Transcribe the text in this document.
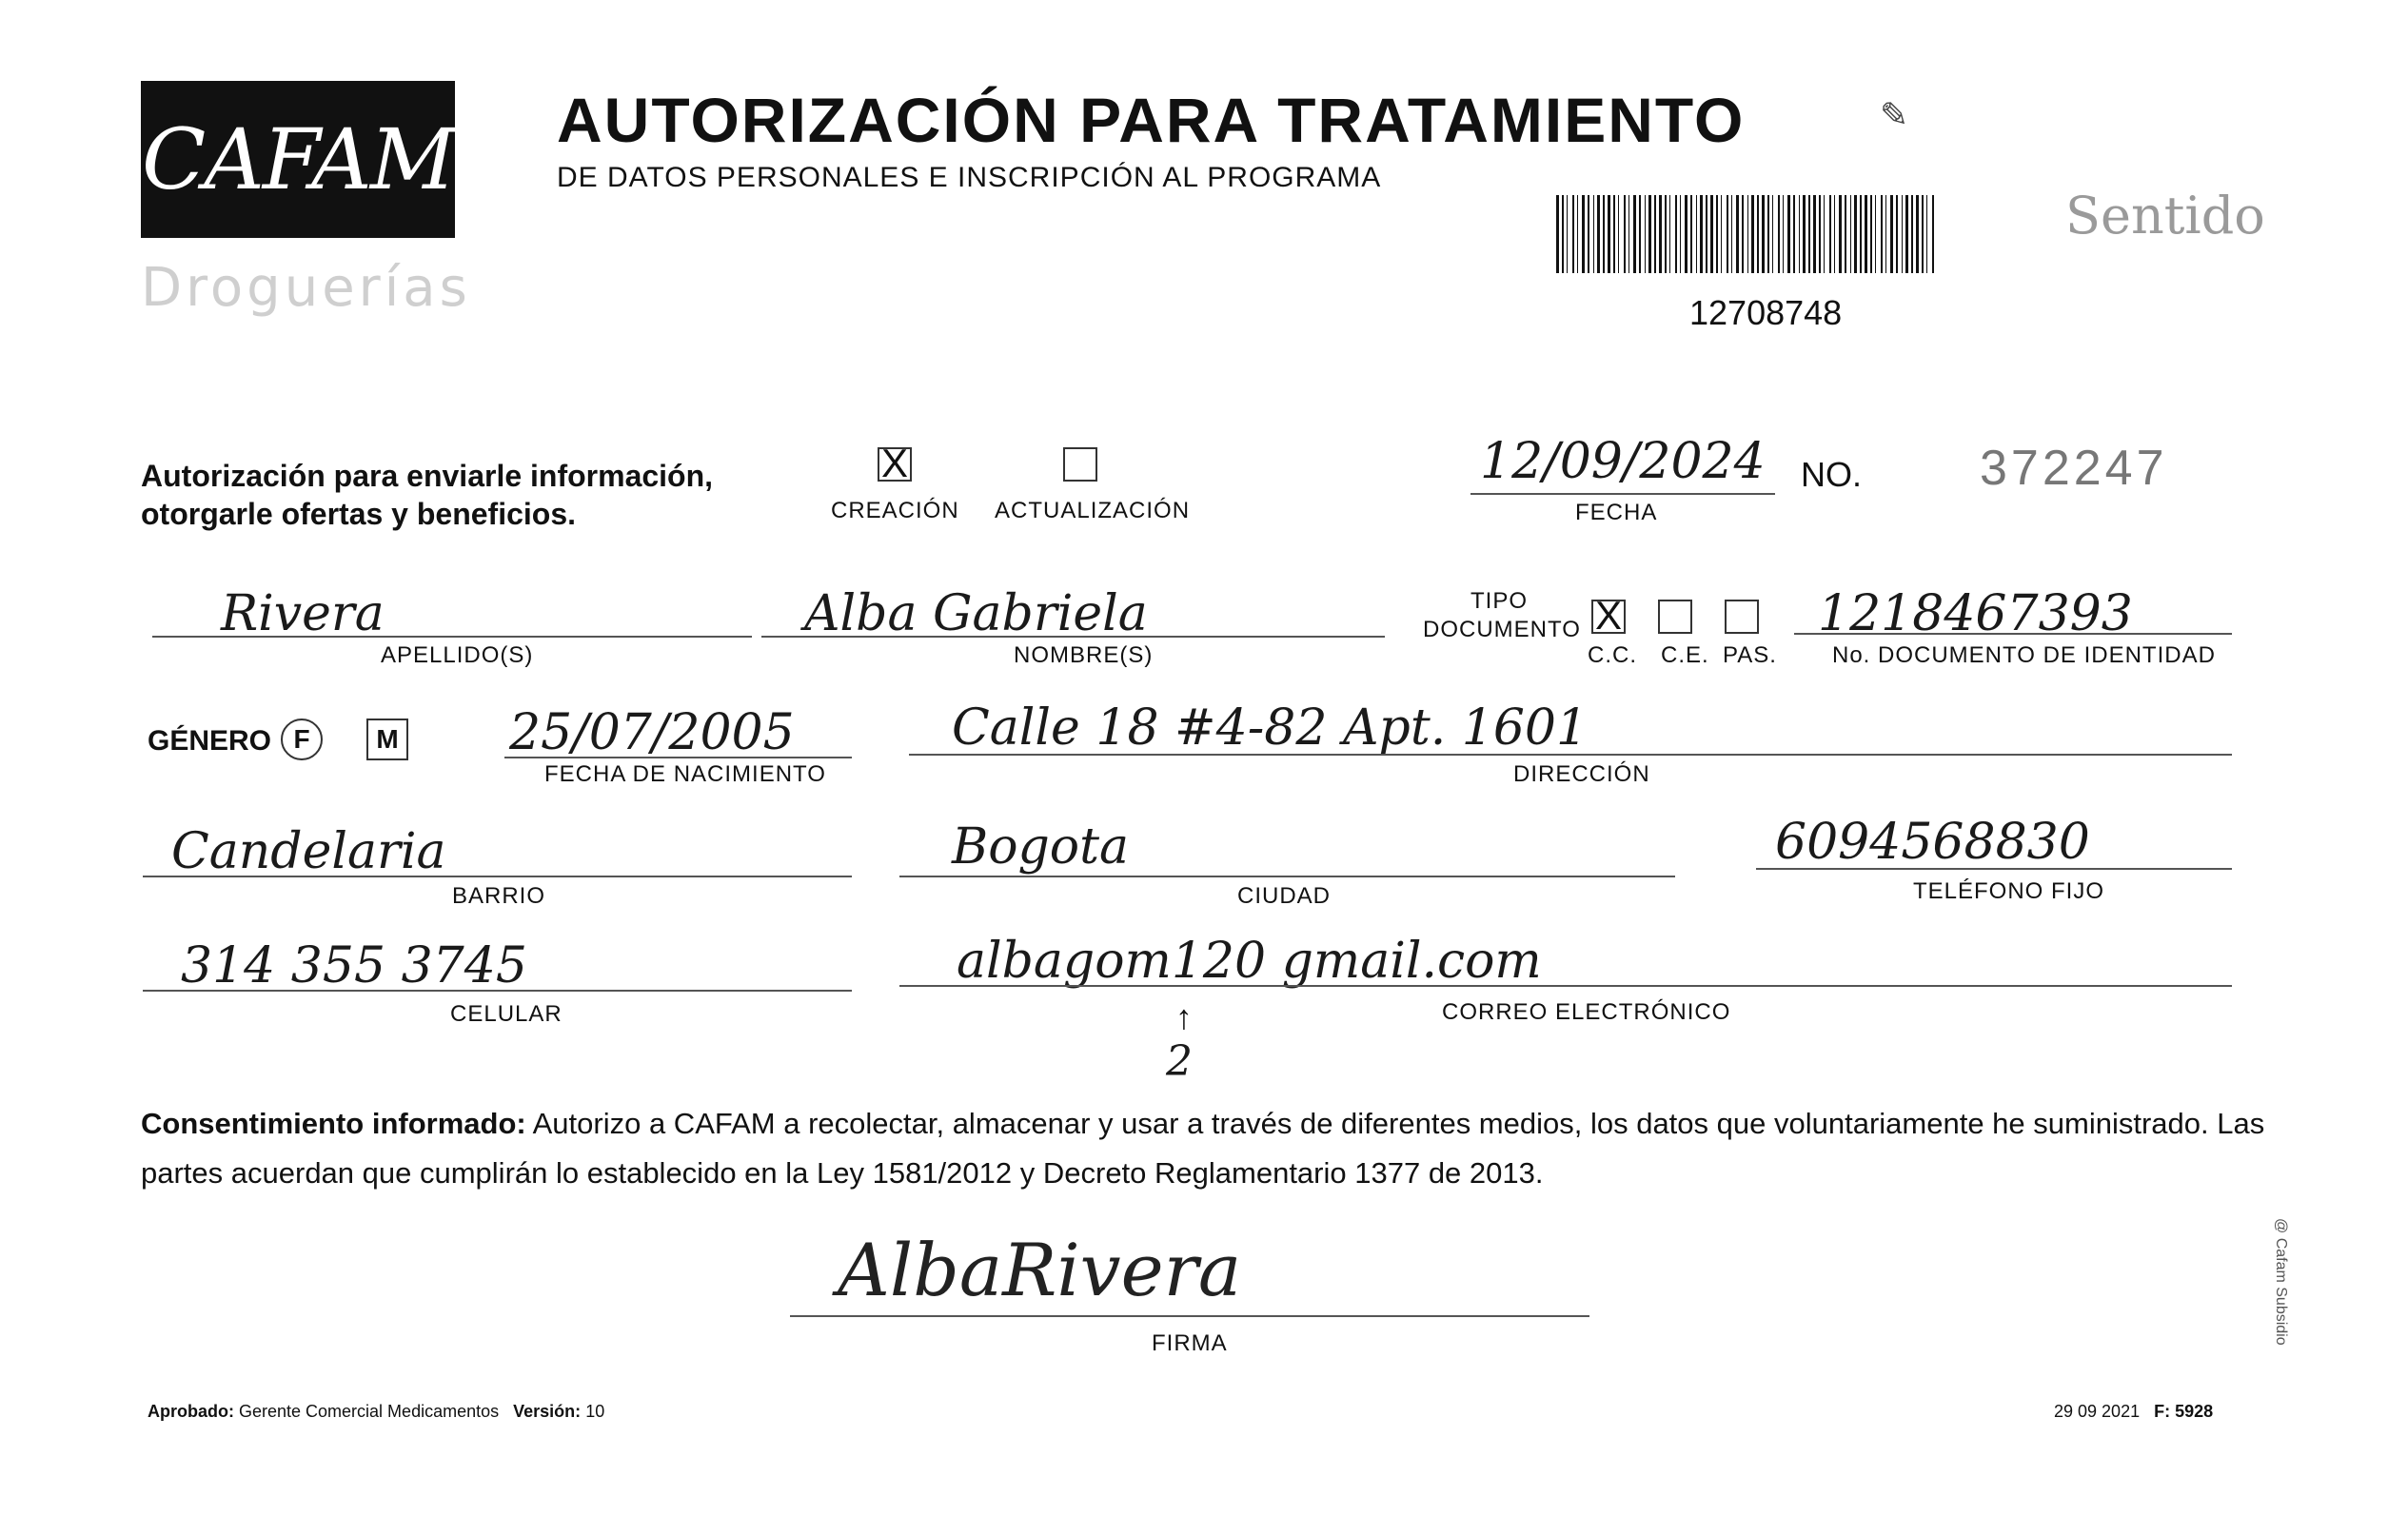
CAFAM
Droguerías
AUTORIZACIÓN PARA TRATAMIENTO
DE DATOS PERSONALES E INSCRIPCIÓN AL PROGRAMA
✎
Sentido
12708748
Autorización para enviarle información,
otorgarle ofertas y beneficios.
X
CREACIÓN ACTUALIZACIÓN
12/09/2024
FECHA
NO. 372247
Rivera
APELLIDO(S)
Alba Gabriela
NOMBRE(S)
TIPO
DOCUMENTO X
C.C. C.E. PAS.
1218467393
No. DOCUMENTO DE IDENTIDAD
GÉNERO F	M 25/07/2005
FECHA DE NACIMIENTO
Calle 18 #4-82 Apt. 1601
DIRECCIÓN
Candelaria
BARRIO
Bogota
CIUDAD
6094568830
TELÉFONO FIJO
314 355 3745
CELULAR
albagom120 gmail.com
CORREO ELECTRÓNICO
↑
2
Consentimiento informado: Autorizo a CAFAM a recolectar, almacenar y usar a través de diferentes medios, los datos que voluntariamente he suministrado. Las partes acuerdan que cumplirán lo establecido en la Ley 1581/2012 y Decreto Reglamentario 1377 de 2013.
AlbaRivera
FIRMA
Aprobado: Gerente Comercial Medicamentos Versión: 10	29 09 2021 F: 5928
@ Cafam Subsidio
